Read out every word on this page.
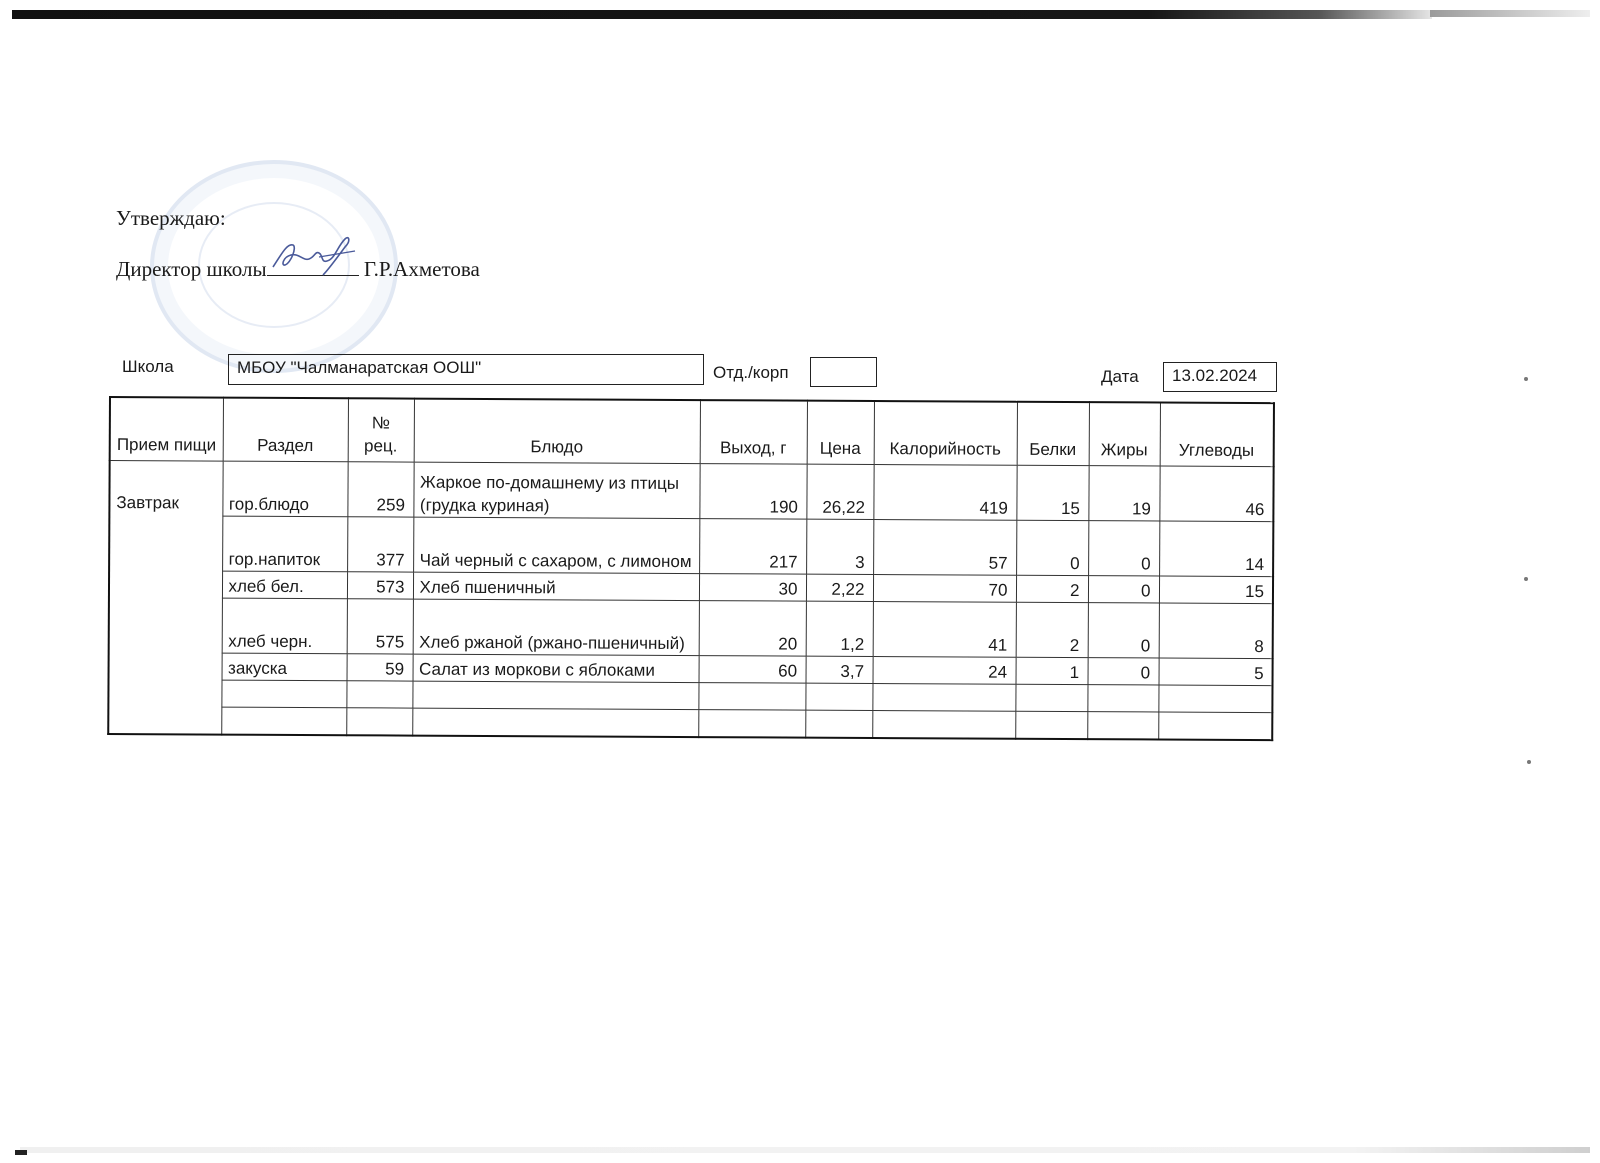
Утверждаю:
Директор школы	Г.Р.Ахметова
Школа	МБОУ "Чалманаратская ООШ"	Отд./корп	Дата	13.02.2024
Прием пищи	Раздел	№ рец.	Блюдо	Выход, г	Цена	Калорийность	Белки	Жиры	Углеводы
Завтрак	гор.блюдо	259	Жаркое по-домашнему из птицы (грудка куриная)	190	26,22	419	15	19	46
	гор.напиток	377	Чай черный с сахаром, с лимоном	217	3	57	0	0	14
	хлеб бел.	573	Хлеб пшеничный	30	2,22	70	2	0	15
	хлеб черн.	575	Хлеб ржаной (ржано-пшеничный)	20	1,2	41	2	0	8
	закуска	59	Салат из моркови с яблоками	60	3,7	24	1	0	5
